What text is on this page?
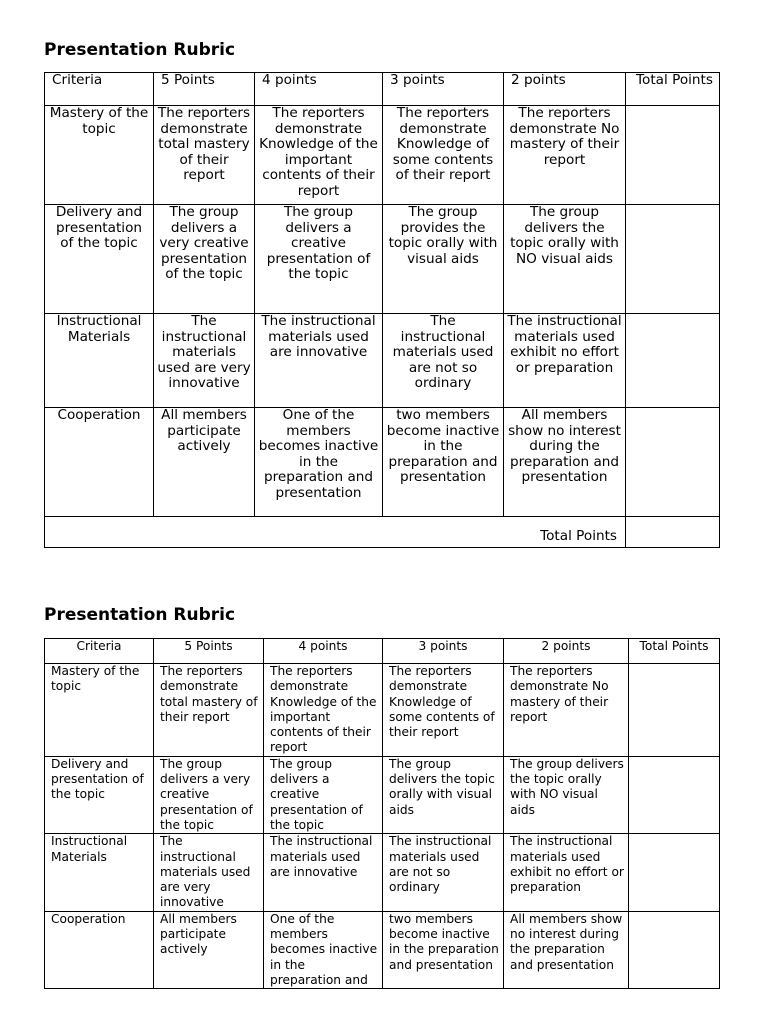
Presentation Rubric
Criteria	5 Points	4 points	3 points	2 points	Total Points
Mastery of the topic	The reporters demonstrate total mastery of their report	The reporters demonstrate Knowledge of the important contents of their report	The reporters demonstrate Knowledge of some contents of their report	The reporters demonstrate No mastery of their report	
Delivery and presentation of the topic	The group delivers a very creative presentation of the topic	The group delivers a creative presentation of the topic	The group provides the topic orally with visual aids	The group delivers the topic orally with NO visual aids	
Instructional Materials	The instructional materials used are very innovative	The instructional materials used are innovative	The instructional materials used are not so ordinary	The instructional materials used exhibit no effort or preparation	
Cooperation	All members participate actively	One of the members becomes inactive in the preparation and presentation	two members become inactive in the preparation and presentation	All members show no interest during the preparation and presentation	
Total Points					
Presentation Rubric
Criteria	5 Points	4 points	3 points	2 points	Total Points
Mastery of the topic	The reporters demonstrate total mastery of their report	The reporters demonstrate Knowledge of the important contents of their report	The reporters demonstrate Knowledge of some contents of their report	The reporters demonstrate No mastery of their report	
Delivery and presentation of the topic	The group delivers a very creative presentation of the topic	The group delivers a creative presentation of the topic	The group delivers the topic orally with visual aids	The group delivers the topic orally with NO visual aids	
Instructional Materials	The instructional materials used are very innovative	The instructional materials used are innovative	The instructional materials used are not so ordinary	The instructional materials used exhibit no effort or preparation	
Cooperation	All members participate actively	One of the members becomes inactive in the preparation and	two members become inactive in the preparation and presentation	All members show no interest during the preparation and presentation	
